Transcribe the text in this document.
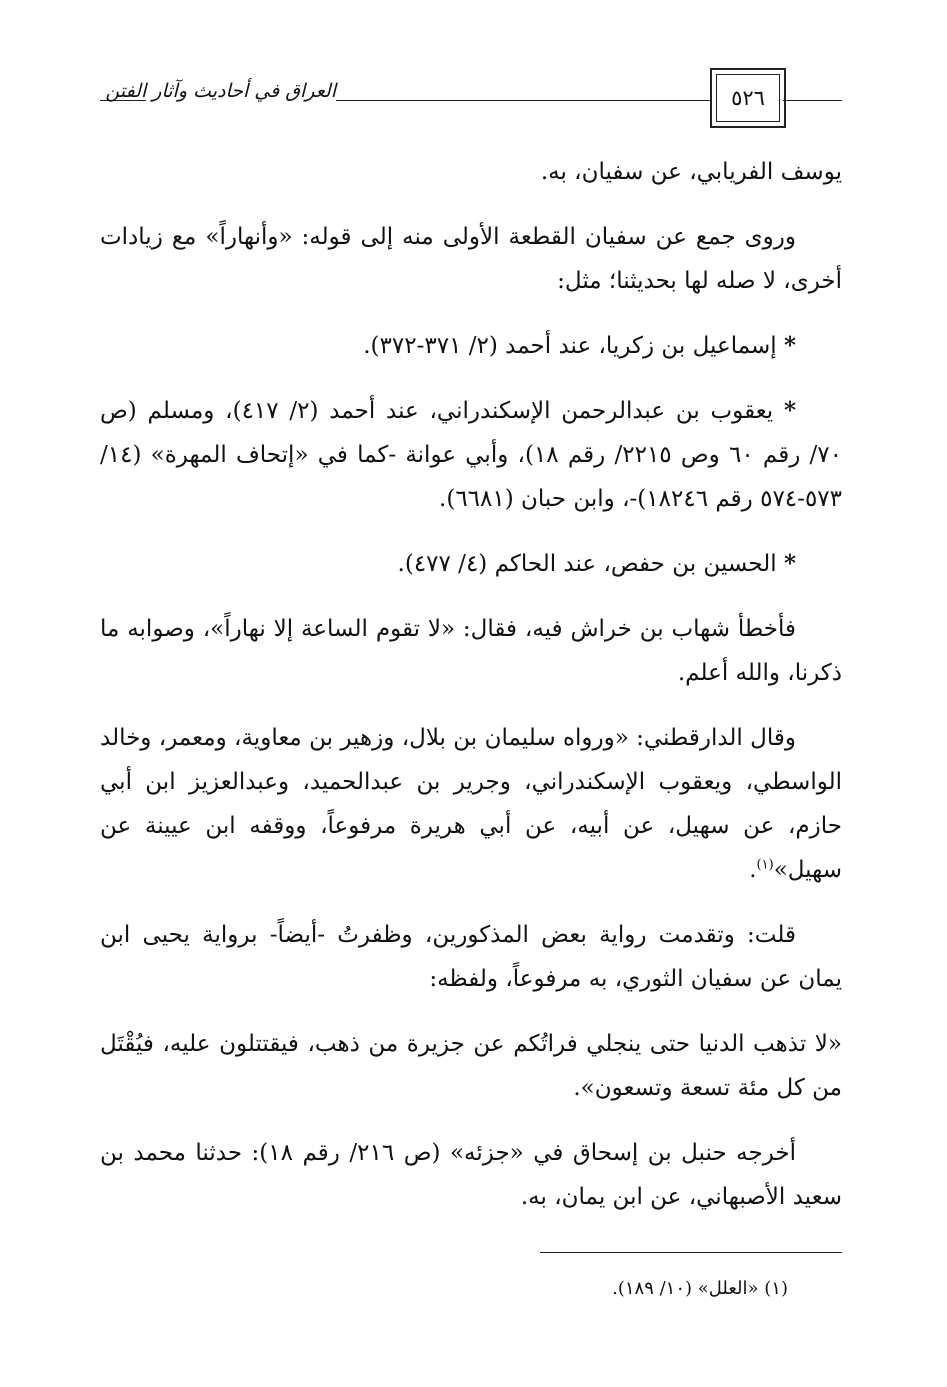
العراق في أحاديث وآثار الفتن	٥٢٦

يوسف الفريابي، عن سفيان، به.

وروى جمع عن سفيان القطعة الأولى منه إلى قوله: «وأنهاراً» مع زيادات أخرى، لا صله لها بحديثنا؛ مثل:

* إسماعيل بن زكريا، عند أحمد (٢/ ٣٧١-٣٧٢).

* يعقوب بن عبدالرحمن الإسكندراني، عند أحمد (٢/ ٤١٧)، ومسلم (ص ٧٠/ رقم ٦٠ وص ٢٢١٥/ رقم ١٨)، وأبي عوانة -كما في «إتحاف المهرة» (١٤/ ٥٧٣-٥٧٤ رقم ١٨٢٤٦)-، وابن حبان (٦٦٨١).

* الحسين بن حفص، عند الحاكم (٤/ ٤٧٧).

فأخطأ شهاب بن خراش فيه، فقال: «لا تقوم الساعة إلا نهاراً»، وصوابه ما ذكرنا، والله أعلم.

وقال الدارقطني: «ورواه سليمان بن بلال، وزهير بن معاوية، ومعمر، وخالد الواسطي، ويعقوب الإسكندراني، وجرير بن عبدالحميد، وعبدالعزيز ابن أبي حازم، عن سهيل، عن أبيه، عن أبي هريرة مرفوعاً، ووقفه ابن عيينة عن سهيل»$^{(١)}$.

قلت: وتقدمت رواية بعض المذكورين، وظفرتُ -أيضاً- برواية يحيى ابن يمان عن سفيان الثوري، به مرفوعاً، ولفظه:

«لا تذهب الدنيا حتى ينجلي فراتُكم عن جزيرة من ذهب، فيقتتلون عليه، فيُقْتَل من كل مئة تسعة وتسعون».

أخرجه حنبل بن إسحاق في «جزئه» (ص ٢١٦/ رقم ١٨): حدثنا محمد بن سعيد الأصبهاني، عن ابن يمان، به.

(١) «العلل» (١٠/ ١٨٩).
